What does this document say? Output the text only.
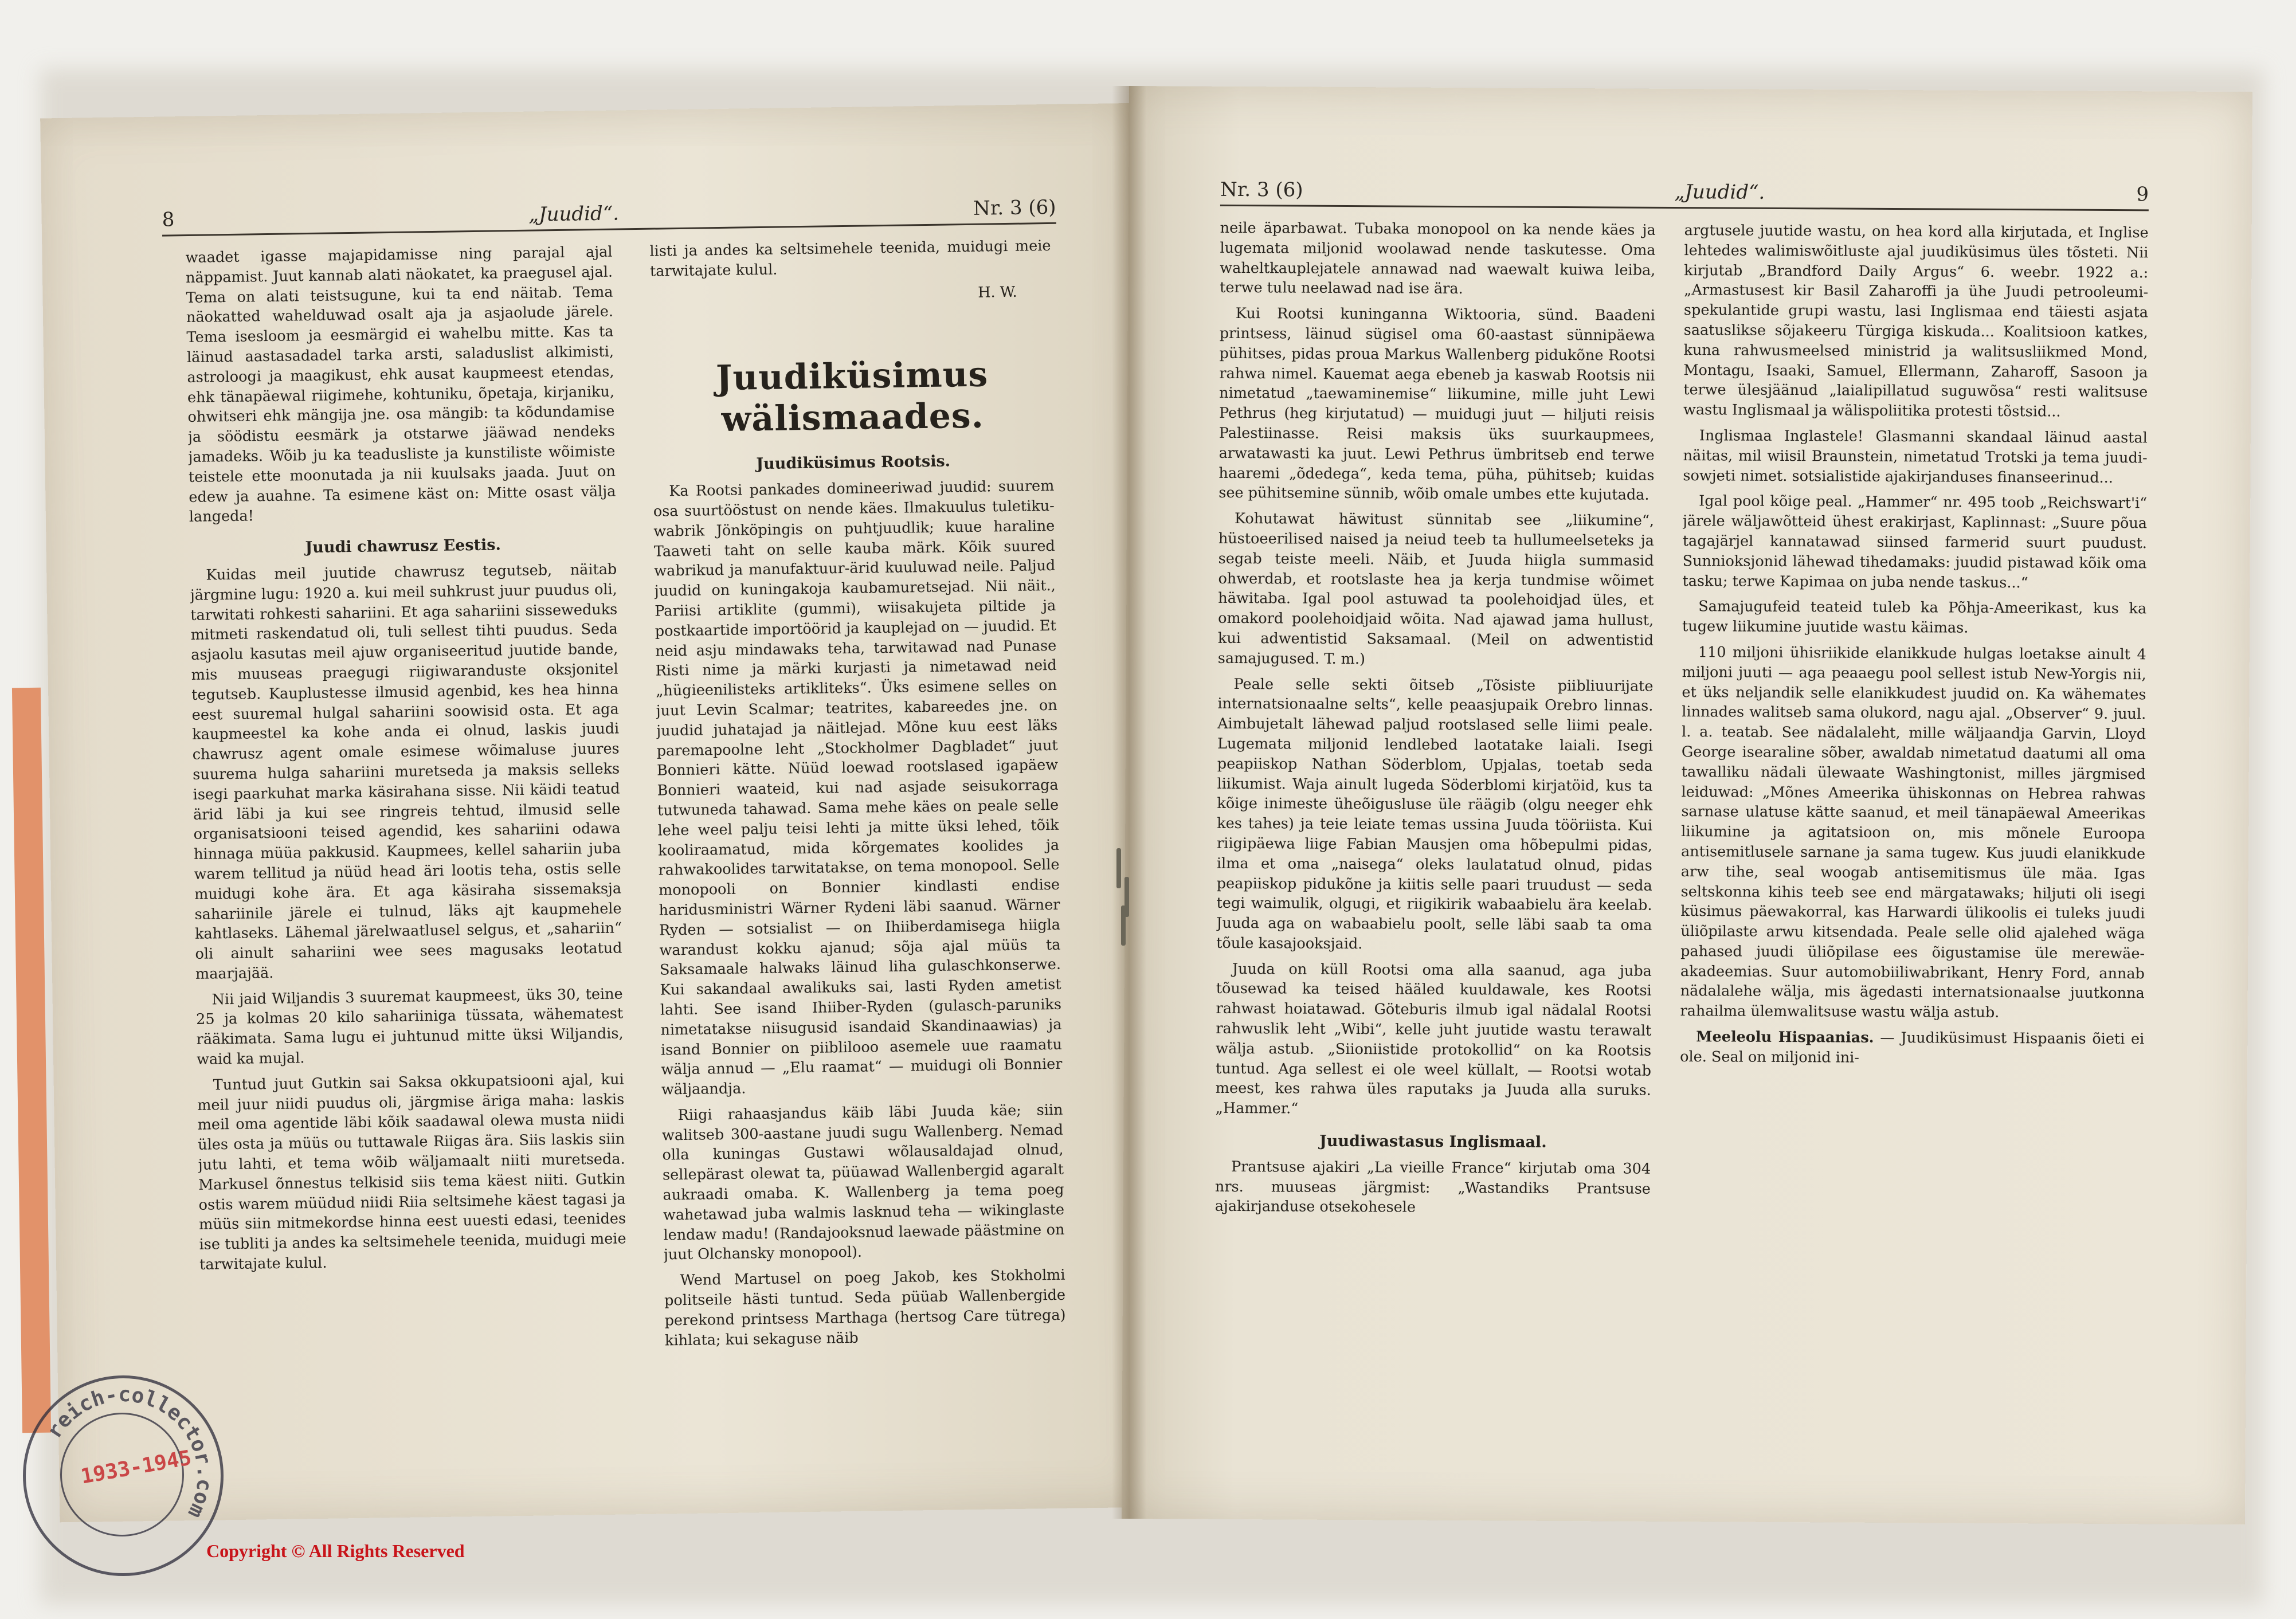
8	„Juudid“.	Nr. 3 (6)

waadet igasse majapidamisse ning parajal ajal näppamist. Juut kannab alati näokatet, ka praegusel ajal. Tema on alati teistsugune, kui ta end näitab. Tema näokatted wahelduwad osalt aja ja asjaolude järele. Tema isesloom ja eesmärgid ei wahelbu mitte. Kas ta läinud aastasadadel tarka arsti, saladuslist alkimisti, astroloogi ja maagikust, ehk ausat kaupmeest etendas, ehk tänapäewal riigimehe, kohtuniku, õpetaja, kirjaniku, ohwitseri ehk mängija jne. osa mängib: ta kõdundamise ja söödistu eesmärk ja otstarwe jääwad nendeks jamadeks. Wõib ju ka teadusliste ja kunstiliste wõimiste teistele ette moonutada ja nii kuulsaks jaada. Juut on edew ja auahne. Ta esimene käst on: Mitte osast välja langeda!

Juudi chawrusz Eestis.

Kuidas meil juutide chawrusz tegutseb, näitab järgmine lugu: 1920 a. kui meil suhkrust juur puudus oli, tarwitati rohkesti sahariini. Et aga sahariini sisseweduks mitmeti raskendatud oli, tuli sellest tihti puudus. Seda asjaolu kasutas meil ajuw organiseeritud juutide bande, mis muuseas praegugi riigiwaranduste oksjonitel tegutseb. Kauplustesse ilmusid agenbid, kes hea hinna eest suuremal hulgal sahariini soowisid osta. Et aga kaupmeestel ka kohe anda ei olnud, laskis juudi chawrusz agent omale esimese wõimaluse juures suurema hulga sahariini muretseda ja maksis selleks isegi paarkuhat marka käsirahana sisse. Nii käidi teatud ärid läbi ja kui see ringreis tehtud, ilmusid selle organisatsiooni teised agendid, kes sahariini odawa hinnaga müüa pakkusid. Kaupmees, kellel sahariin juba warem tellitud ja nüüd head äri lootis teha, ostis selle muidugi kohe ära. Et aga käsiraha sissemaksja sahariinile järele ei tulnud, läks ajt kaupmehele kahtlaseks. Lähemal järelwaatlusel selgus, et „sahariin“ oli ainult sahariini wee sees magusaks leotatud maarjajää.

Nii jaid Wiljandis 3 suuremat kaupmeest, üks 30, teine 25 ja kolmas 20 kilo sahariiniga tüssata, wähematest rääkimata. Sama lugu ei juhtunud mitte üksi Wiljandis, waid ka mujal.

Tuntud juut Gutkin sai Saksa okkupatsiooni ajal, kui meil juur niidi puudus oli, järgmise äriga maha: laskis meil oma agentide läbi kõik saadawal olewa musta niidi üles osta ja müüs ou tuttawale Riigas ära. Siis laskis siin jutu lahti, et tema wõib wäljamaalt niiti muretseda. Markusel õnnestus telkisid siis tema käest niiti. Gutkin ostis warem müüdud niidi Riia seltsimehe käest tagasi ja müüs siin mitmekordse hinna eest uuesti edasi, teenides ise tubliti ja andes ka seltsimehele teenida, muidugi meie tarwitajate kulul.

listi ja andes ka seltsimehele teenida, muidugi meie tarwitajate kulul.

H. W.

Juudiküsimus wälismaades.
Juudiküsimus Rootsis.

Ka Rootsi pankades domineeriwad juudid: suurem osa suurtööstust on nende käes. Ilmakuulus tuletiku-wabrik Jönköpingis on puhtjuudlik; kuue haraline Taaweti taht on selle kauba märk. Kõik suured wabrikud ja manufaktuur-ärid kuuluwad neile. Paljud juudid on kuningakoja kaubamuretsejad. Nii näit., Pariisi artiklite (gummi), wiisakujeta piltide ja postkaartide importöörid ja kauplejad on — juudid. Et neid asju mindawaks teha, tarwitawad nad Punase Risti nime ja märki kurjasti ja nimetawad neid „hügieenilisteks artikliteks“. Üks esimene selles on juut Levin Scalmar; teatrites, kabareedes jne. on juudid juhatajad ja näitlejad. Mõne kuu eest läks paremapoolne leht „Stockholmer Dagbladet“ juut Bonnieri kätte. Nüüd loewad rootslased igapäew Bonnieri waateid, kui nad asjade seisukorraga tutwuneda tahawad. Sama mehe käes on peale selle lehe weel palju teisi lehti ja mitte üksi lehed, tõik kooliraamatud, mida kõrgemates koolides ja rahwakoolides tarwitatakse, on tema monopool. Selle monopooli on Bonnier kindlasti endise haridusministri Wärner Rydeni läbi saanud. Wärner Ryden — sotsialist — on Ihiiberdamisega hiigla warandust kokku ajanud; sõja ajal müüs ta Saksamaale halwaks läinud liha gulaschkonserwe. Kui sakandaal awalikuks sai, lasti Ryden ametist lahti. See isand Ihiiber-Ryden (gulasch-paruniks nimetatakse niisugusid isandaid Skandinaawias) ja isand Bonnier on piiblilooo asemele uue raamatu wälja annud — „Elu raamat“ — muidugi oli Bonnier wäljaandja.

Riigi rahaasjandus käib läbi Juuda käe; siin walitseb 300-aastane juudi sugu Wallenberg. Nemad olla kuningas Gustawi wõlausaldajad olnud, sellepärast olewat ta, püüawad Wallenbergid agaralt aukraadi omaba. K. Wallenberg ja tema poeg wahetawad juba walmis lasknud teha — wikinglaste lendaw madu! (Randajooksnud laewade päästmine on juut Olchansky monopool).

Wend Martusel on poeg Jakob, kes Stokholmi politseile hästi tuntud. Seda püüab Wallenbergide perekond printsess Marthaga (hertsog Care tütrega) kihlata; kui sekaguse näib

Nr. 3 (6)	„Juudid“.	9

neile äparbawat. Tubaka monopool on ka nende käes ja lugemata miljonid woolawad nende taskutesse. Oma waheltkauplejatele annawad nad waewalt kuiwa leiba, terwe tulu neelawad nad ise ära.

Kui Rootsi kuninganna Wiktooria, sünd. Baadeni printsess, läinud sügisel oma 60-aastast sünnipäewa pühitses, pidas proua Markus Wallenberg pidukõne Rootsi rahwa nimel. Kauemat aega ebeneb ja kaswab Rootsis nii nimetatud „taewaminemise“ liikumine, mille juht Lewi Pethrus (heg kirjutatud) — muidugi juut — hiljuti reisis Palestiinasse. Reisi maksis üks suurkaupmees, arwatawasti ka juut. Lewi Pethrus ümbritseb end terwe haaremi „õdedega“, keda tema, püha, pühitseb; kuidas see pühitsemine sünnib, wõib omale umbes ette kujutada.

Kohutawat häwitust sünnitab see „liikumine“, hüstoeerilised naised ja neiud teeb ta hullumeelseteks ja segab teiste meeli. Näib, et Juuda hiigla summasid ohwerdab, et rootslaste hea ja kerja tundmise wõimet häwitaba. Igal pool astuwad ta poolehoidjad üles, et omakord poolehoidjaid wõita. Nad ajawad jama hullust, kui adwentistid Saksamaal. (Meil on adwentistid samajugused. T. m.)

Peale selle sekti õitseb „Tõsiste piibliuurijate internatsionaalne selts“, kelle peaasjupaik Orebro linnas. Aimbujetalt lähewad paljud rootslased selle liimi peale. Lugemata miljonid lendlebed laotatake laiali. Isegi peapiiskop Nathan Söderblom, Upjalas, toetab seda liikumist. Waja ainult lugeda Söderblomi kirjatöid, kus ta kõige inimeste üheõigusluse üle räägib (olgu neeger ehk kes tahes) ja teie leiate temas ussina Juuda tööriista. Kui riigipäewa liige Fabian Mausjen oma hõbepulmi pidas, ilma et oma „naisega“ oleks laulatatud olnud, pidas peapiiskop pidukõne ja kiitis selle paari truudust — seda tegi waimulik, olgugi, et riigikirik wabaabielu ära keelab. Juuda aga on wabaabielu poolt, selle läbi saab ta oma tõule kasajooksjaid.

Juuda on küll Rootsi oma alla saanud, aga juba tõusewad ka teised hääled kuuldawale, kes Rootsi rahwast hoiatawad. Göteburis ilmub igal nädalal Rootsi rahwuslik leht „Wibi“, kelle juht juutide wastu terawalt wälja astub. „Siioniistide protokollid“ on ka Rootsis tuntud. Aga sellest ei ole weel küllalt, — Rootsi wotab meest, kes rahwa üles raputaks ja Juuda alla suruks. „Hammer.“

Juudiwastasus Inglismaal.

Prantsuse ajakiri „La vieille France“ kirjutab oma 304 nrs. muuseas järgmist: „Wastandiks Prantsuse ajakirjanduse otsekohesele

argtusele juutide wastu, on hea kord alla kirjutada, et Inglise lehtedes walimiswõitluste ajal juudiküsimus üles tõsteti. Nii kirjutab „Brandford Daily Argus“ 6. weebr. 1922 a.: „Armastusest kir Basil Zaharoffi ja ühe Juudi petrooleumi-spekulantide grupi wastu, lasi Inglismaa end täiesti asjata saatuslikse sõjakeeru Türgiga kiskuda... Koalitsioon katkes, kuna rahwusmeelsed ministrid ja walitsusliikmed Mond, Montagu, Isaaki, Samuel, Ellermann, Zaharoff, Sasoon ja terwe ülesjäänud „laialipillatud suguwõsa“ resti walitsuse wastu Inglismaal ja wälispoliitika protesti tõstsid...

Inglismaa Inglastele! Glasmanni skandaal läinud aastal näitas, mil wiisil Braunstein, nimetatud Trotski ja tema juudi-sowjeti nimet. sotsialistide ajakirjanduses finanseerinud...

Igal pool kõige peal. „Hammer“ nr. 495 toob „Reichswart'i“ järele wäljawõtteid ühest erakirjast, Kaplinnast: „Suure põua tagajärjel kannatawad siinsed farmerid suurt puudust. Sunnioksjonid lähewad tihedamaks: juudid pistawad kõik oma tasku; terwe Kapimaa on juba nende taskus...“

Samajugufeid teateid tuleb ka Põhja-Ameerikast, kus ka tugew liikumine juutide wastu käimas.

110 miljoni ühisriikide elanikkude hulgas loetakse ainult 4 miljoni juuti — aga peaaegu pool sellest istub New-Yorgis nii, et üks neljandik selle elanikkudest juudid on. Ka wähemates linnades walitseb sama olukord, nagu ajal. „Observer“ 9. juul. l. a. teatab. See nädalaleht, mille wäljaandja Garvin, Lloyd George isearaline sõber, awaldab nimetatud daatumi all oma tawalliku nädali ülewaate Washingtonist, milles järgmised leiduwad: „Mõnes Ameerika ühiskonnas on Hebrea rahwas sarnase ulatuse kätte saanud, et meil tänapäewal Ameerikas liikumine ja agitatsioon on, mis mõnele Euroopa antisemitlusele sarnane ja sama tugew. Kus juudi elanikkude arw tihe, seal woogab antisemitismus üle mäa. Igas seltskonna kihis teeb see end märgatawaks; hiljuti oli isegi küsimus päewakorral, kas Harwardi ülikoolis ei tuleks juudi üliõpilaste arwu kitsendada. Peale selle olid ajalehed wäga pahased juudi üliõpilase ees õigustamise üle merewäe-akadeemias. Suur automobiiliwabrikant, Henry Ford, annab nädalalehe wälja, mis ägedasti internatsionaalse juutkonna rahailma ülemwalitsuse wastu wälja astub.

Meeleolu Hispaanias. — Juudiküsimust Hispaanis õieti ei ole. Seal on miljonid ini-

reich-collector.com
1933-1945
Copyright © All Rights Reserved
